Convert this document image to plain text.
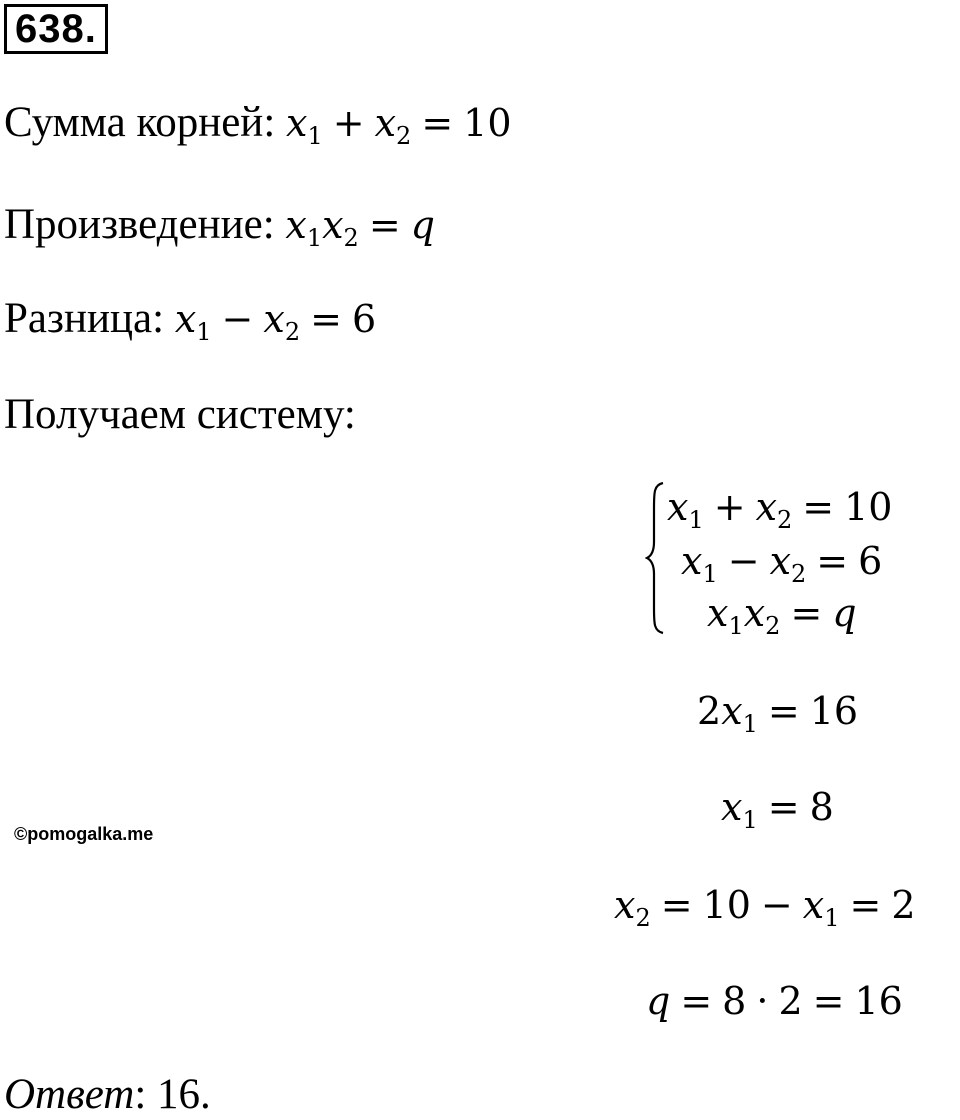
638.
Сумма корней: $x_1 + x_2 = 10$
Произведение: $x_1x_2 = q$
Разница: $x_1 - x_2 = 6$
Получаем систему:
$x_1 + x_2 = 10$
$x_1 - x_2 = 6$
$x_1x_2 = q$
$2x_1 = 16$
$x_1 = 8$
$x_2 = 10 - x_1 = 2$
q = 8 · 2 = 16
©pomogalka.me
Ответ: 16.
